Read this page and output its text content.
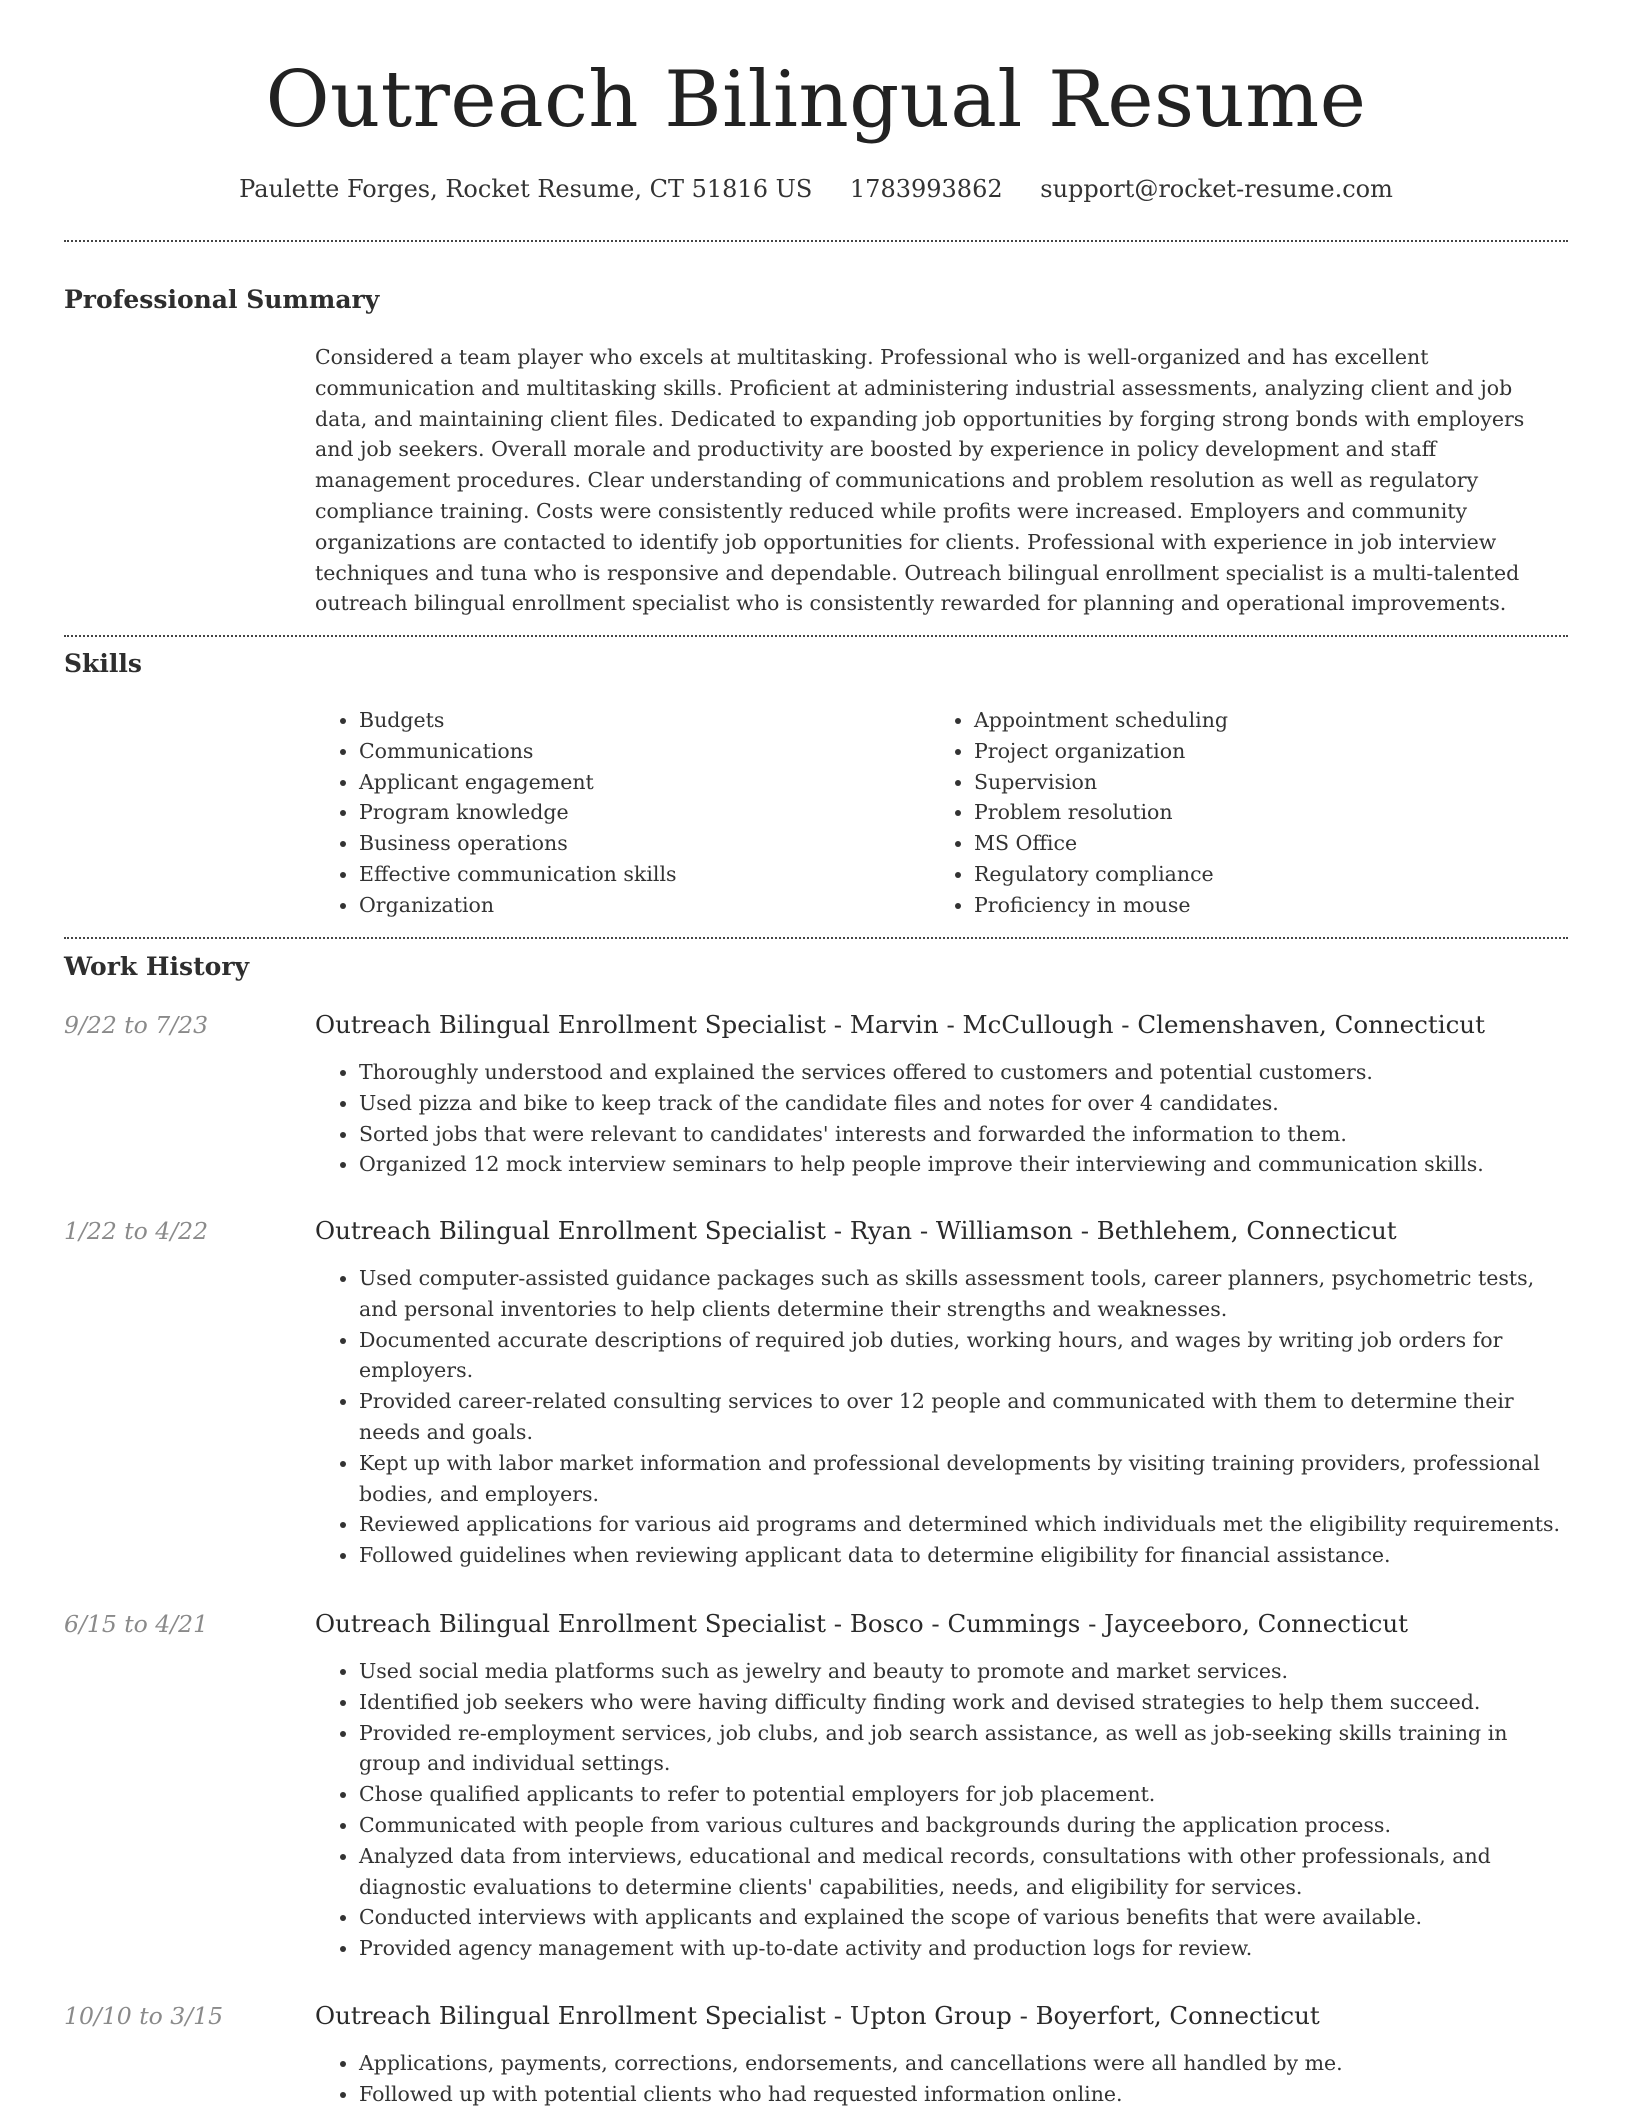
Outreach Bilingual Resume
Paulette Forges, Rocket Resume, CT 51816 US 1783993862 support@rocket-resume.com
Professional Summary

Considered a team player who excels at multitasking. Professional who is well-organized and has excellent communication and multitasking skills. Proficient at administering industrial assessments, analyzing client and job data, and maintaining client files. Dedicated to expanding job opportunities by forging strong bonds with employers and job seekers. Overall morale and productivity are boosted by experience in policy development and staff management procedures. Clear understanding of communications and problem resolution as well as regulatory compliance training. Costs were consistently reduced while profits were increased. Employers and community organizations are contacted to identify job opportunities for clients. Professional with experience in job interview techniques and tuna who is responsive and dependable. Outreach bilingual enrollment specialist is a multi-talented outreach bilingual enrollment specialist who is consistently rewarded for planning and operational improvements.

Skills
• Budgets
• Communications
• Applicant engagement
• Program knowledge
• Business operations
• Effective communication skills
• Organization
• Appointment scheduling
• Project organization
• Supervision
• Problem resolution
• MS Office
• Regulatory compliance
• Proficiency in mouse
Work History
9/22 to 7/23	Outreach Bilingual Enrollment Specialist - Marvin - McCullough - Clemenshaven, Connecticut
• Thoroughly understood and explained the services offered to customers and potential customers.
• Used pizza and bike to keep track of the candidate files and notes for over 4 candidates.
• Sorted jobs that were relevant to candidates' interests and forwarded the information to them.
• Organized 12 mock interview seminars to help people improve their interviewing and communication skills.
1/22 to 4/22	Outreach Bilingual Enrollment Specialist - Ryan - Williamson - Bethlehem, Connecticut
• Used computer-assisted guidance packages such as skills assessment tools, career planners, psychometric tests, and personal inventories to help clients determine their strengths and weaknesses.
• Documented accurate descriptions of required job duties, working hours, and wages by writing job orders for employers.
• Provided career-related consulting services to over 12 people and communicated with them to determine their needs and goals.
• Kept up with labor market information and professional developments by visiting training providers, professional bodies, and employers.
• Reviewed applications for various aid programs and determined which individuals met the eligibility requirements.
• Followed guidelines when reviewing applicant data to determine eligibility for financial assistance.
6/15 to 4/21	Outreach Bilingual Enrollment Specialist - Bosco - Cummings - Jayceeboro, Connecticut
• Used social media platforms such as jewelry and beauty to promote and market services.
• Identified job seekers who were having difficulty finding work and devised strategies to help them succeed.
• Provided re-employment services, job clubs, and job search assistance, as well as job-seeking skills training in group and individual settings.
• Chose qualified applicants to refer to potential employers for job placement.
• Communicated with people from various cultures and backgrounds during the application process.
• Analyzed data from interviews, educational and medical records, consultations with other professionals, and diagnostic evaluations to determine clients' capabilities, needs, and eligibility for services.
• Conducted interviews with applicants and explained the scope of various benefits that were available.
• Provided agency management with up-to-date activity and production logs for review.
10/10 to 3/15	Outreach Bilingual Enrollment Specialist - Upton Group - Boyerfort, Connecticut
• Applications, payments, corrections, endorsements, and cancellations were all handled by me.
• Followed up with potential clients who had requested information online.
